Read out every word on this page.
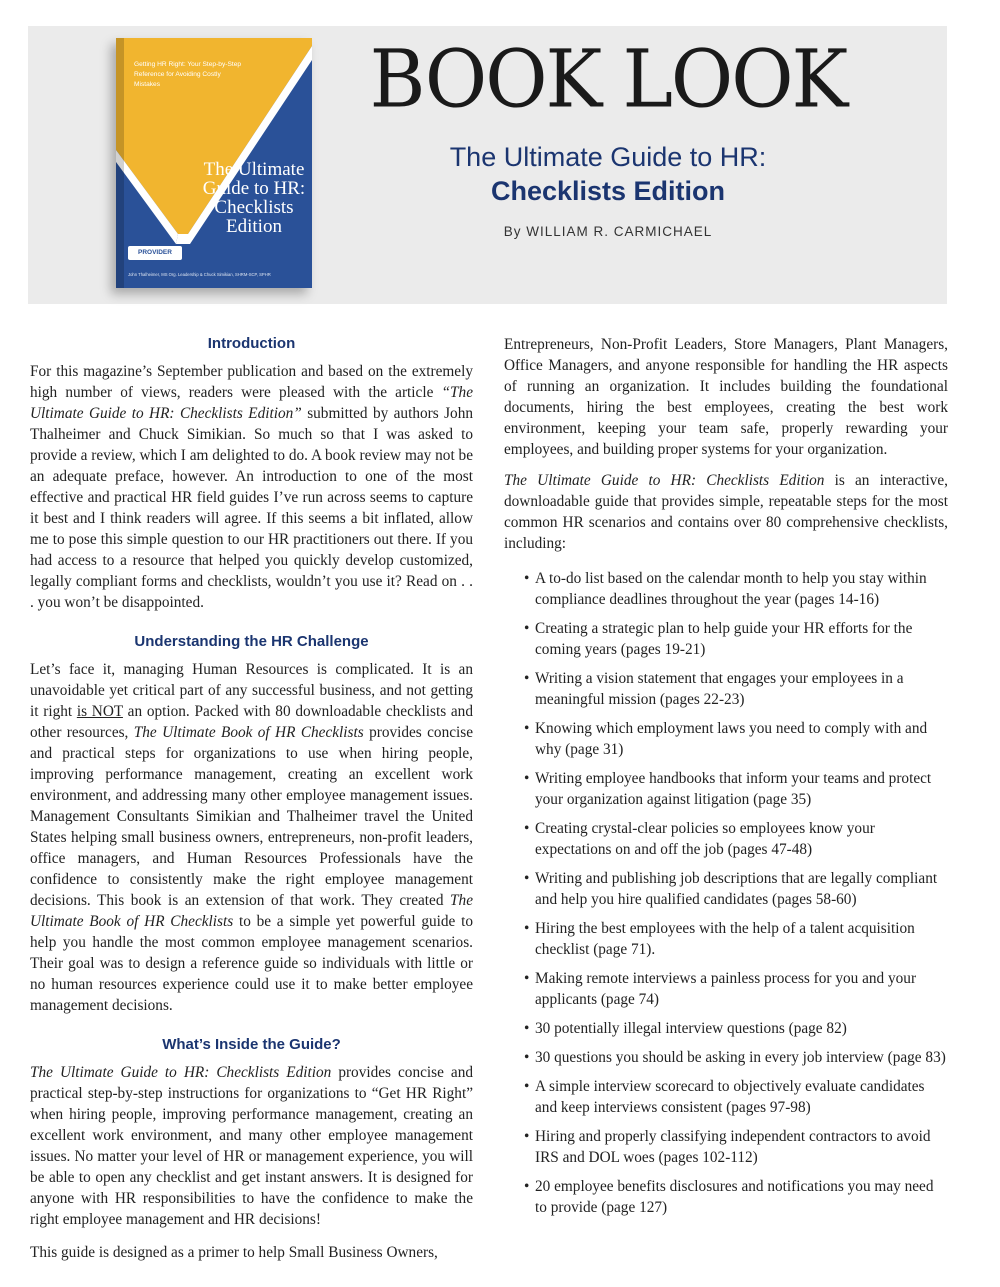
Getting HR Right: Your Step-by-Step Reference for Avoiding Costly Mistakes
The Ultimate Guide to HR: Checklists Edition
PROVIDER
John Thalheimer, MS Org. Leadership & Chuck Simikian, SHRM-SCP, SPHR
BOOK LOOK
The Ultimate Guide to HR:
Checklists Edition
By WILLIAM R. CARMICHAEL
Introduction

For this magazine’s September publication and based on the extremely high number of views, readers were pleased with the article “The Ultimate Guide to HR: Checklists Edition” submitted by authors John Thalheimer and Chuck Simikian. So much so that I was asked to provide a review, which I am delighted to do. A book review may not be an adequate preface, however. An introduction to one of the most effective and practical HR field guides I’ve run across seems to capture it best and I think readers will agree. If this seems a bit inflated, allow me to pose this simple question to our HR practitioners out there. If you had access to a resource that helped you quickly develop customized, legally compliant forms and checklists, wouldn’t you use it? Read on . . . you won’t be disappointed.

Understanding the HR Challenge

Let’s face it, managing Human Resources is complicated. It is an unavoidable yet critical part of any successful business, and not getting it right is NOT an option. Packed with 80 downloadable checklists and other resources, The Ultimate Book of HR Checklists provides concise and practical steps for organizations to use when hiring people, improving performance management, creating an excellent work environment, and addressing many other employee management issues. Management Consultants Simikian and Thalheimer travel the United States helping small business owners, entrepreneurs, non-profit leaders, office managers, and Human Resources Professionals have the confidence to consistently make the right employee management decisions. This book is an extension of that work. They created The Ultimate Book of HR Checklists to be a simple yet powerful guide to help you handle the most common employee management scenarios. Their goal was to design a reference guide so individuals with little or no human resources experience could use it to make better employee management decisions.

What’s Inside the Guide?

The Ultimate Guide to HR: Checklists Edition provides concise and practical step-by-step instructions for organizations to “Get HR Right” when hiring people, improving performance management, creating an excellent work environment, and many other employee management issues. No matter your level of HR or management experience, you will be able to open any checklist and get instant answers. It is designed for anyone with HR responsibilities to have the confidence to make the right employee management and HR decisions!

This guide is designed as a primer to help Small Business Owners,

Entrepreneurs, Non-Profit Leaders, Store Managers, Plant Managers, Office Managers, and anyone responsible for handling the HR aspects of running an organization. It includes building the foundational documents, hiring the best employees, creating the best work environment, keeping your team safe, properly rewarding your employees, and building proper systems for your organization.

The Ultimate Guide to HR: Checklists Edition is an interactive, downloadable guide that provides simple, repeatable steps for the most common HR scenarios and contains over 80 comprehensive checklists, including:

• A to-do list based on the calendar month to help you stay within compliance deadlines throughout the year (pages 14-16)
• Creating a strategic plan to help guide your HR efforts for the coming years (pages 19-21)
• Writing a vision statement that engages your employees in a meaningful mission (pages 22-23)
• Knowing which employment laws you need to comply with and why (page 31)
• Writing employee handbooks that inform your teams and protect your organization against litigation (page 35)
• Creating crystal-clear policies so employees know your expectations on and off the job (pages 47-48)
• Writing and publishing job descriptions that are legally compliant and help you hire qualified candidates (pages 58-60)
• Hiring the best employees with the help of a talent acquisition checklist (page 71).
• Making remote interviews a painless process for you and your applicants (page 74)
• 30 potentially illegal interview questions (page 82)
• 30 questions you should be asking in every job interview (page 83)
• A simple interview scorecard to objectively evaluate candidates and keep interviews consistent (pages 97-98)
• Hiring and properly classifying independent contractors to avoid IRS and DOL woes (pages 102-112)
• 20 employee benefits disclosures and notifications you may need to provide (page 127)
